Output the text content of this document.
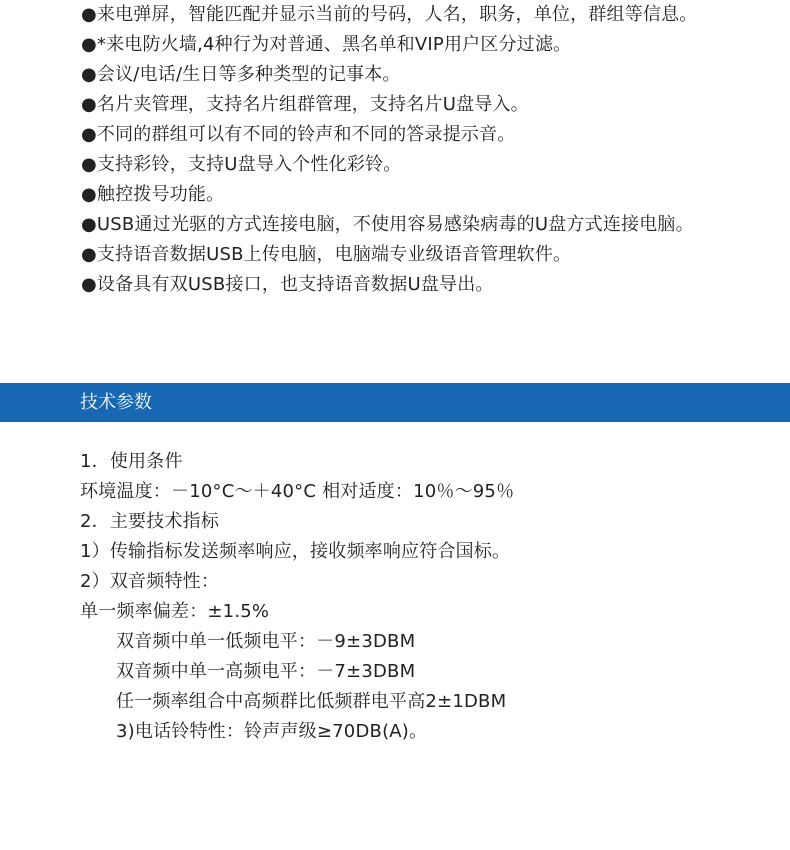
●来电弹屏，智能匹配并显示当前的号码，人名，职务，单位，群组等信息。
●*来电防火墙,4种行为对普通、黑名单和VIP用户区分过滤。
●会议/电话/生日等多种类型的记事本。
●名片夹管理，支持名片组群管理，支持名片U盘导入。
●不同的群组可以有不同的铃声和不同的答录提示音。
●支持彩铃，支持U盘导入个性化彩铃。
●触控拨号功能。
●USB通过光驱的方式连接电脑，不使用容易感染病毒的U盘方式连接电脑。
●支持语音数据USB上传电脑，电脑端专业级语音管理软件。
●设备具有双USB接口，也支持语音数据U盘导出。
技术参数
1．使用条件
环境温度：－10°C～＋40°C 相对适度：10％～95％
2．主要技术指标
1）传输指标发送频率响应，接收频率响应符合国标。
2）双音频特性：
单一频率偏差：±1.5%
双音频中单一低频电平：－9±3DBM
双音频中单一高频电平：－7±3DBM
任一频率组合中高频群比低频群电平高2±1DBM
3)电话铃特性：铃声声级≥70DB(A)。
